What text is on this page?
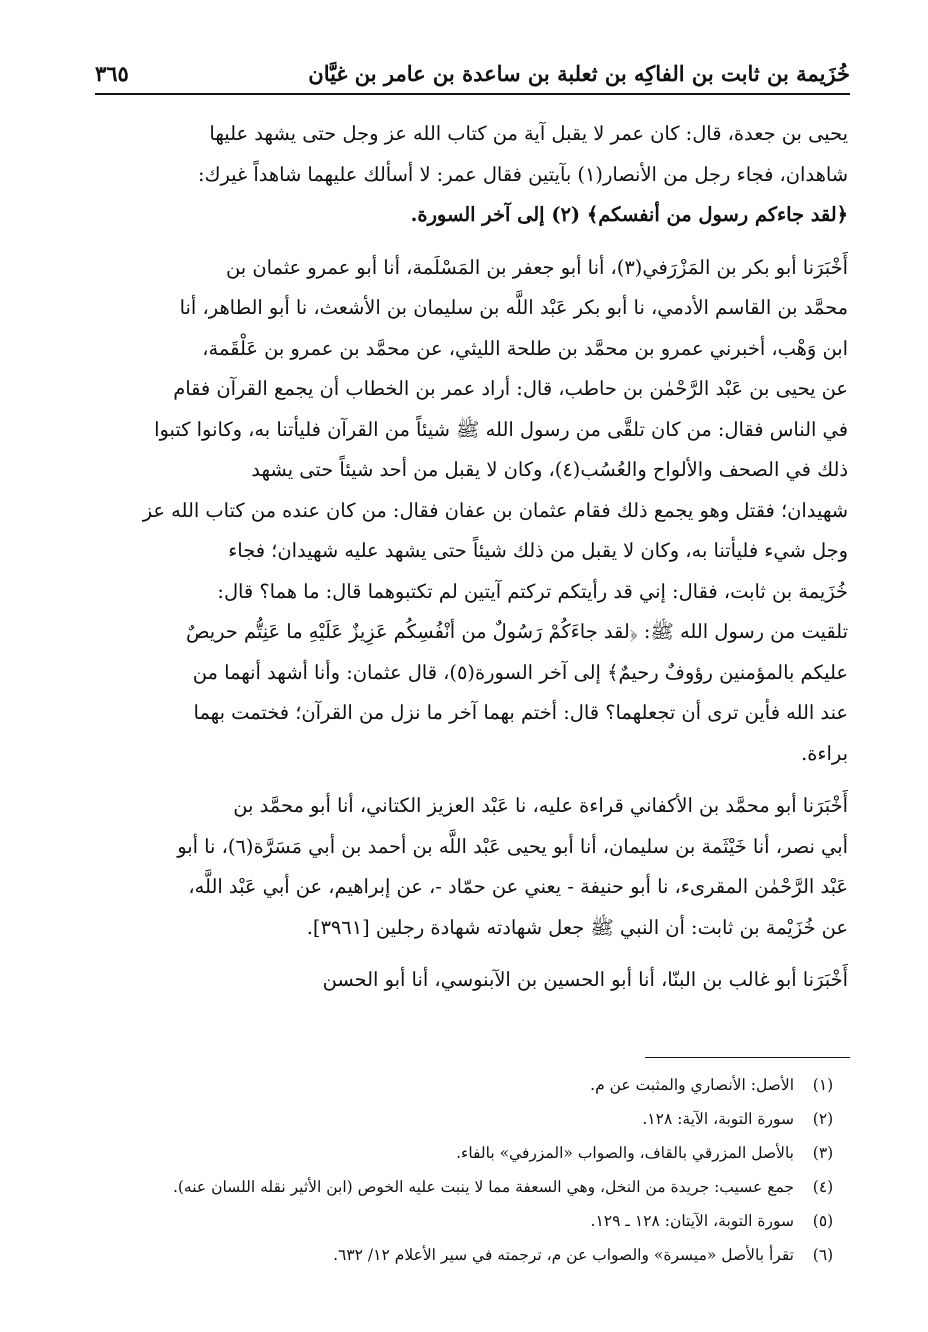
خُزَيمة بن ثابت بن الفاكِه بن ثعلبة بن ساعدة بن عامر بن غيَّان
٣٦٥
يحيى بن جعدة، قال: كان عمر لا يقبل آية من كتاب الله عز وجل حتى يشهد عليها
شاهدان، فجاء رجل من الأنصار(١) بآيتين فقال عمر: لا أسألك عليهما شاهداً غيرك:
﴿لقد جاءكم رسول من أنفسكم﴾ (٢) إلى آخر السورة.
أَخْبَرَنا أبو بكر بن المَزْرَفي(٣)، أنا أبو جعفر بن المَسْلَمة، أنا أبو عمرو عثمان بن
محمَّد بن القاسم الأدمي، نا أبو بكر عَبْد اللَّه بن سليمان بن الأشعث، نا أبو الطاهر، أنا
ابن وَهْب، أخبرني عمرو بن محمَّد بن طلحة الليثي، عن محمَّد بن عمرو بن عَلْقَمة،
عن يحيى بن عَبْد الرَّحْمٰن بن حاطب، قال: أراد عمر بن الخطاب أن يجمع القرآن فقام
في الناس فقال: من كان تلقَّى من رسول الله ﷺ شيئاً من القرآن فليأتنا به، وكانوا كتبوا
ذلك في الصحف والألواح والعُسُب(٤)، وكان لا يقبل من أحد شيئاً حتى يشهد
شهيدان؛ فقتل وهو يجمع ذلك فقام عثمان بن عفان فقال: من كان عنده من كتاب الله عز
وجل شيء فليأتنا به، وكان لا يقبل من ذلك شيئاً حتى يشهد عليه شهيدان؛ فجاء
خُزَيمة بن ثابت، فقال: إني قد رأيتكم تركتم آيتين لم تكتبوهما قال: ما هما؟ قال:
تلقيت من رسول الله ﷺ: ﴿لقد جاءَكُمْ رَسُولٌ من أنْفُسِكُم عَزِيزٌ عَلَيْهِ ما عَنِتُّم حريصٌ
عليكم بالمؤمنين رؤوفٌ رحيمٌ﴾ إلى آخر السورة(٥)، قال عثمان: وأنا أشهد أنهما من
عند الله فأين ترى أن تجعلهما؟ قال: أختم بهما آخر ما نزل من القرآن؛ فختمت بهما
براءة.
أَخْبَرَنا أبو محمَّد بن الأكفاني قراءة عليه، نا عَبْد العزيز الكتاني، أنا أبو محمَّد بن
أبي نصر، أنا خَيْثَمة بن سليمان، أنا أبو يحيى عَبْد اللَّه بن أحمد بن أبي مَسَرَّة(٦)، نا أبو
عَبْد الرَّحْمٰن المقرىء، نا أبو حنيفة - يعني عن حمّاد -، عن إبراهيم، عن أبي عَبْد اللَّه،
عن خُزَيْمة بن ثابت: أن النبي ﷺ جعل شهادته شهادة رجلين [٣٩٦١].
أَخْبَرَنا أبو غالب بن البنّا، أنا أبو الحسين بن الآبنوسي، أنا أبو الحسن
(١)الأصل: الأنصاري والمثبت عن م.
(٢)سورة التوبة، الآية: ١٢٨.
(٣)بالأصل المزرقي بالقاف، والصواب «المزرفي» بالفاء.
(٤)جمع عسيب: جريدة من النخل، وهي السعفة مما لا ينبت عليه الخوص (ابن الأثير نقله اللسان عنه).
(٥)سورة التوبة، الآيتان: ١٢٨ ـ ١٢٩.
(٦)تقرأ بالأصل «ميسرة» والصواب عن م، ترجمته في سير الأعلام ١٢/ ٦٣٢.
